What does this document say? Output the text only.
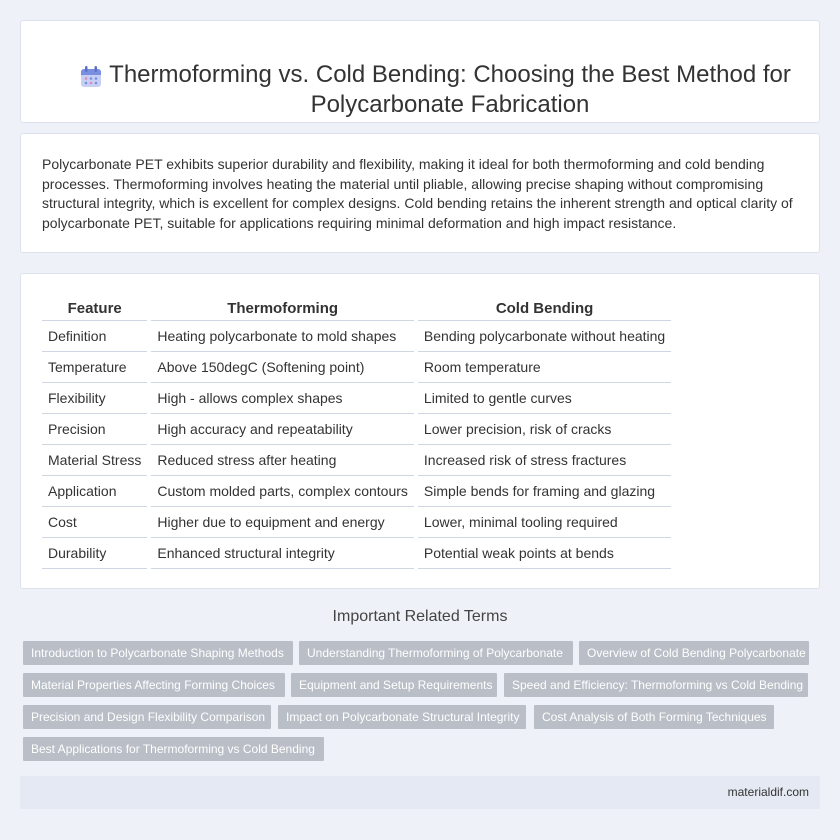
Thermoforming vs. Cold Bending: Choosing the Best Method for Polycarbonate Fabrication

Polycarbonate PET exhibits superior durability and flexibility, making it ideal for both thermoforming and cold bending processes. Thermoforming involves heating the material until pliable, allowing precise shaping without compromising structural integrity, which is excellent for complex designs. Cold bending retains the inherent strength and optical clarity of polycarbonate PET, suitable for applications requiring minimal deformation and high impact resistance.

Feature	Thermoforming	Cold Bending
Definition	Heating polycarbonate to mold shapes	Bending polycarbonate without heating
Temperature	Above 150degC (Softening point)	Room temperature
Flexibility	High - allows complex shapes	Limited to gentle curves
Precision	High accuracy and repeatability	Lower precision, risk of cracks
Material Stress	Reduced stress after heating	Increased risk of stress fractures
Application	Custom molded parts, complex contours	Simple bends for framing and glazing
Cost	Higher due to equipment and energy	Lower, minimal tooling required
Durability	Enhanced structural integrity	Potential weak points at bends
Important Related Terms
Introduction to Polycarbonate Shaping Methods	Understanding Thermoforming of Polycarbonate	Overview of Cold Bending Polycarbonate
Material Properties Affecting Forming Choices	Equipment and Setup Requirements	Speed and Efficiency: Thermoforming vs Cold Bending
Precision and Design Flexibility Comparison	Impact on Polycarbonate Structural Integrity	Cost Analysis of Both Forming Techniques
Best Applications for Thermoforming vs Cold Bending
materialdif.com
